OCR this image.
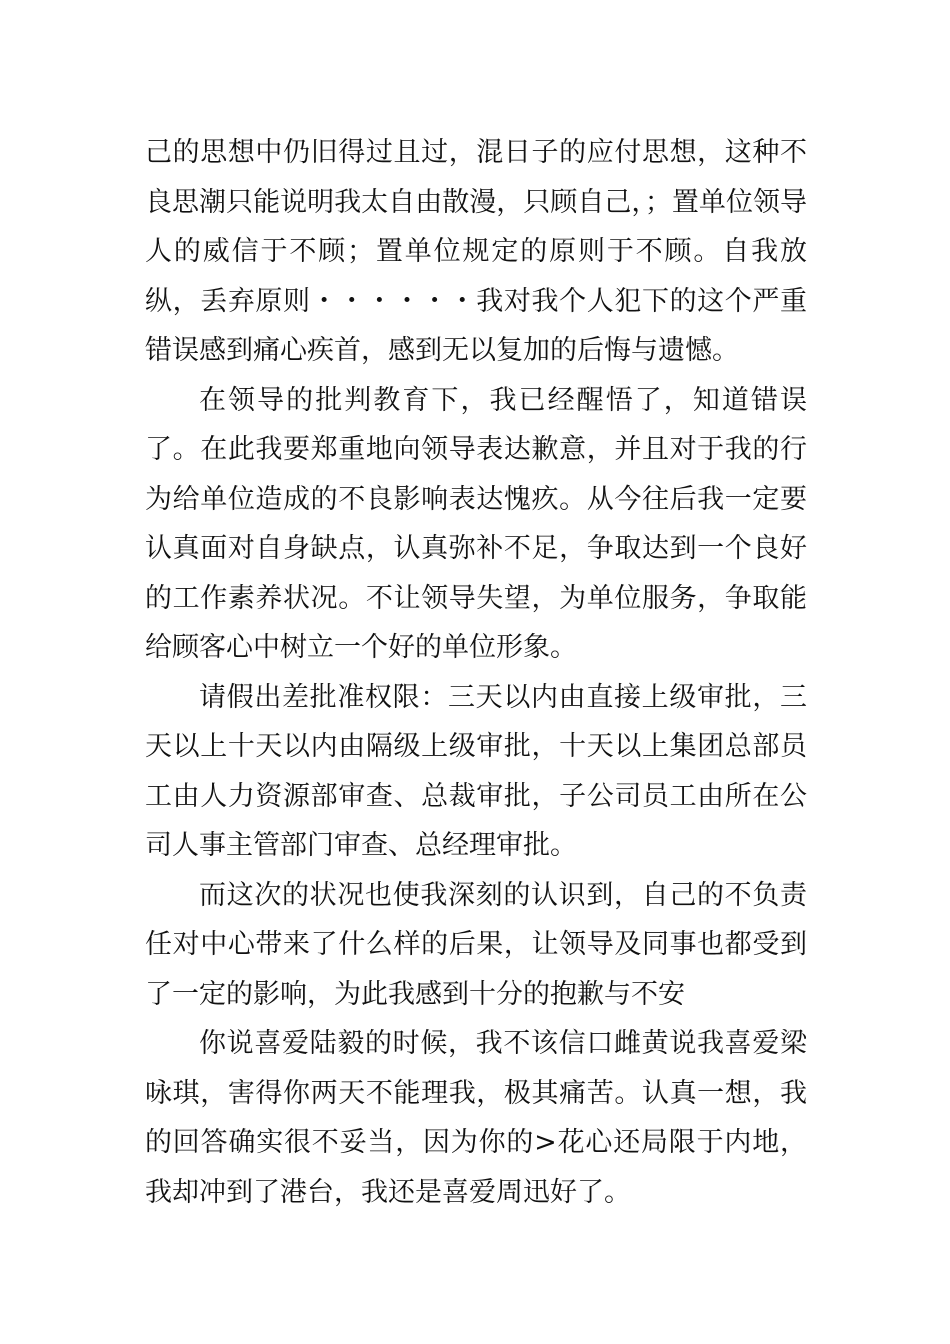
己的思想中仍旧得过且过，混日子的应付思想，这种不良思潮只能说明我太自由散漫，只顾自己，；置单位领导人的威信于不顾；置单位规定的原则于不顾。自我放纵，丢弃原则・・・・・・我对我个人犯下的这个严重错误感到痛心疾首，感到无以复加的后悔与遗憾。

在领导的批判教育下，我已经醒悟了，知道错误了。在此我要郑重地向领导表达歉意，并且对于我的行为给单位造成的不良影响表达愧疚。从今往后我一定要认真面对自身缺点，认真弥补不足，争取达到一个良好的工作素养状况。不让领导失望，为单位服务，争取能给顾客心中树立一个好的单位形象。

请假出差批准权限：三天以内由直接上级审批，三天以上十天以内由隔级上级审批，十天以上集团总部员工由人力资源部审查、总裁审批，子公司员工由所在公司人事主管部门审查、总经理审批。

而这次的状况也使我深刻的认识到，自己的不负责任对中心带来了什么样的后果，让领导及同事也都受到了一定的影响，为此我感到十分的抱歉与不安

你说喜爱陆毅的时候，我不该信口雌黄说我喜爱梁咏琪，害得你两天不能理我，极其痛苦。认真一想，我的回答确实很不妥当，因为你的>花心还局限于内地，我却冲到了港台，我还是喜爱周迅好了。
